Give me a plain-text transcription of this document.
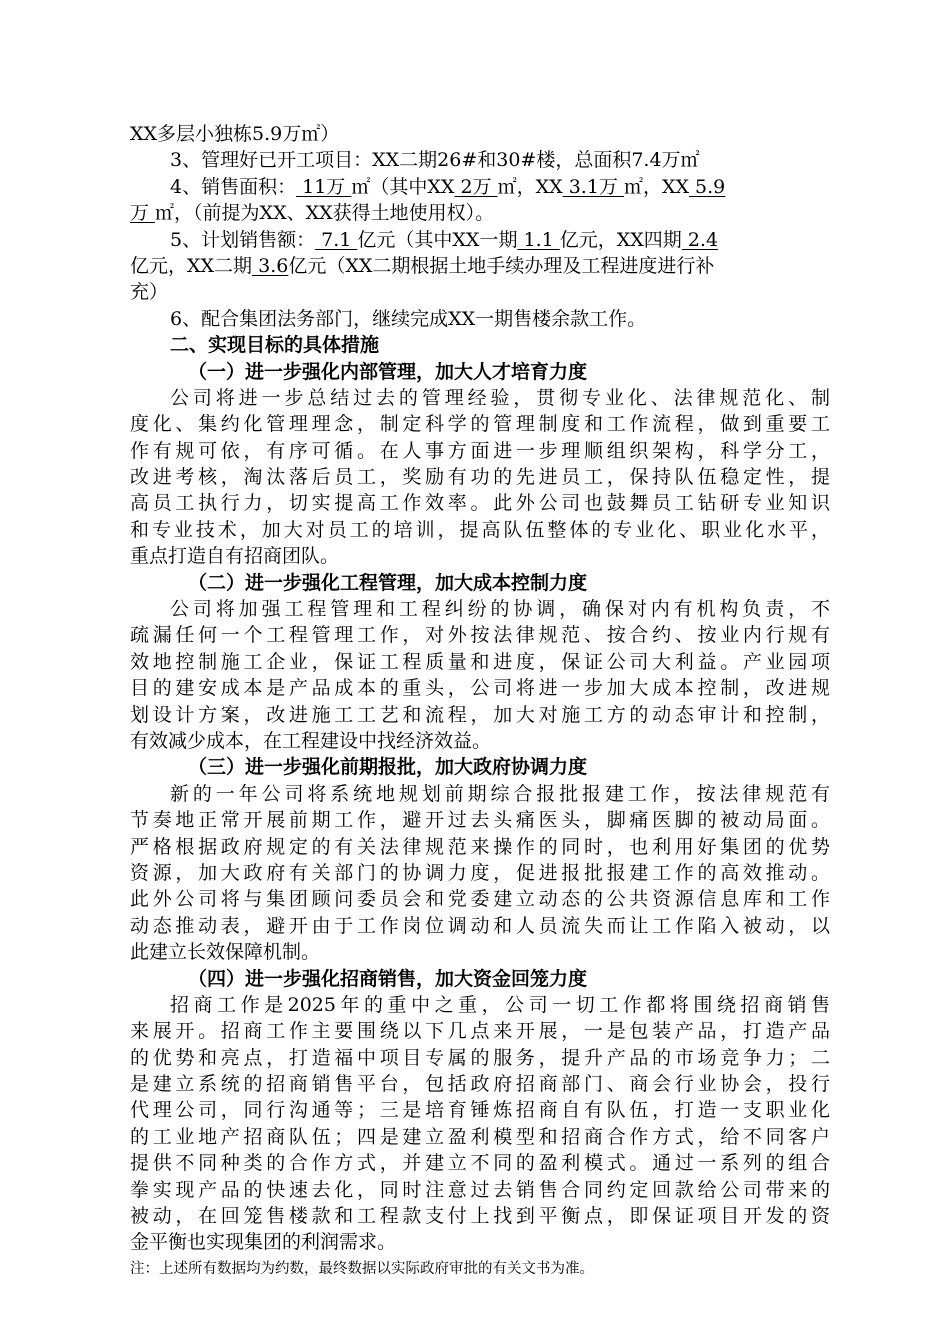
XX多层小独栋5.9万㎡）
3、管理好已开工项目：XX二期26#和30#楼，总面积7.4万㎡
4、销售面积： 11万 ㎡（其中XX 2万 ㎡，XX 3.1万 ㎡，XX 5.9
万 ㎡，（前提为XX、XX获得土地使用权）。
5、计划销售额： 7.1 亿元（其中XX一期 1.1 亿元，XX四期 2.4
亿元，XX二期 3.6亿元（XX二期根据土地手续办理及工程进度进行补
充）
6、配合集团法务部门，继续完成XX一期售楼余款工作。
二、实现目标的具体措施
（一）进一步强化内部管理，加大人才培育力度
公司将进一步总结过去的管理经验，贯彻专业化、法律规范化、制
度化、集约化管理理念，制定科学的管理制度和工作流程，做到重要工
作有规可依，有序可循。在人事方面进一步理顺组织架构，科学分工，
改进考核，淘汰落后员工，奖励有功的先进员工，保持队伍稳定性，提
高员工执行力，切实提高工作效率。此外公司也鼓舞员工钻研专业知识
和专业技术，加大对员工的培训，提高队伍整体的专业化、职业化水平，
重点打造自有招商团队。
（二）进一步强化工程管理，加大成本控制力度
公司将加强工程管理和工程纠纷的协调，确保对内有机构负责，不
疏漏任何一个工程管理工作，对外按法律规范、按合约、按业内行规有
效地控制施工企业，保证工程质量和进度，保证公司大利益。产业园项
目的建安成本是产品成本的重头，公司将进一步加大成本控制，改进规
划设计方案，改进施工工艺和流程，加大对施工方的动态审计和控制，
有效减少成本，在工程建设中找经济效益。
（三）进一步强化前期报批，加大政府协调力度
新的一年公司将系统地规划前期综合报批报建工作，按法律规范有
节奏地正常开展前期工作，避开过去头痛医头，脚痛医脚的被动局面。
严格根据政府规定的有关法律规范来操作的同时，也利用好集团的优势
资源，加大政府有关部门的协调力度，促进报批报建工作的高效推动。
此外公司将与集团顾问委员会和党委建立动态的公共资源信息库和工作
动态推动表，避开由于工作岗位调动和人员流失而让工作陷入被动，以
此建立长效保障机制。
（四）进一步强化招商销售，加大资金回笼力度
招商工作是2025年的重中之重，公司一切工作都将围绕招商销售
来展开。招商工作主要围绕以下几点来开展，一是包装产品，打造产品
的优势和亮点，打造福中项目专属的服务，提升产品的市场竞争力；二
是建立系统的招商销售平台，包括政府招商部门、商会行业协会，投行
代理公司，同行沟通等；三是培育锤炼招商自有队伍，打造一支职业化
的工业地产招商队伍；四是建立盈利模型和招商合作方式，给不同客户
提供不同种类的合作方式，并建立不同的盈利模式。通过一系列的组合
拳实现产品的快速去化，同时注意过去销售合同约定回款给公司带来的
被动，在回笼售楼款和工程款支付上找到平衡点，即保证项目开发的资
金平衡也实现集团的利润需求。
注：上述所有数据均为约数，最终数据以实际政府审批的有关文书为准。
